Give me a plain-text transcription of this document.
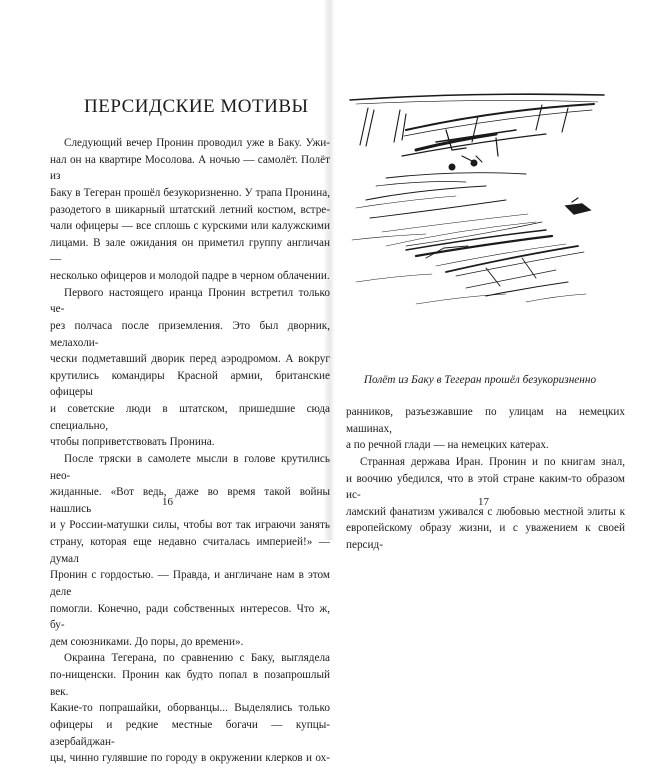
ПЕРСИДСКИЕ МОТИВЫ

Следующий вечер Пронин проводил уже в Баку. Ужи-

нал он на квартире Мосолова. А ночью — самолёт. Полёт из

Баку в Тегеран прошёл безукоризненно. У трапа Пронина,

разодетого в шикарный штатский летний костюм, встре-

чали офицеры — все сплошь с курскими или калужскими

лицами. В зале ожидания он приметил группу англичан —

несколько офицеров и молодой падре в черном облачении.

Первого настоящего иранца Пронин встретил только че-

рез полчаса после приземления. Это был дворник, мелахоли-

чески подметавший дворик перед аэродромом. А вокруг

крутились командиры Красной армии, британские офицеры

и советские люди в штатском, пришедшие сюда специально,

чтобы поприветствовать Пронина.

После тряски в самолете мысли в голове крутились нео-

жиданные. «Вот ведь, даже во время такой войны нашлись

и у России-матушки силы, чтобы вот так играючи занять

страну, которая еще недавно считалась империей!» — думал

Пронин с гордостью. — Правда, и англичане нам в этом деле

помогли. Конечно, ради собственных интересов. Что ж, бу-

дем союзниками. До поры, до времени».

Окраина Тегерана, по сравнению с Баку, выглядела

по-нищенски. Пронин как будто попал в позапрошлый век.

Какие-то попрашайки, оборванцы... Выделялись только

офицеры и редкие местные богачи — купцы-азербайджан-

цы, чинно гулявшие по городу в окружении клерков и ох-

16
Полёт из Баку в Тегеран прошёл безукоризненно

ранников, разъезжавшие по улицам на немецких машинах,

а по речной глади — на немецких катерах.

Странная держава Иран. Пронин и по книгам знал,

и воочию убедился, что в этой стране каким-то образом ис-

ламский фанатизм уживался с любовью местной элиты к

европейскому образу жизни, и с уважением к своей персид-

17
